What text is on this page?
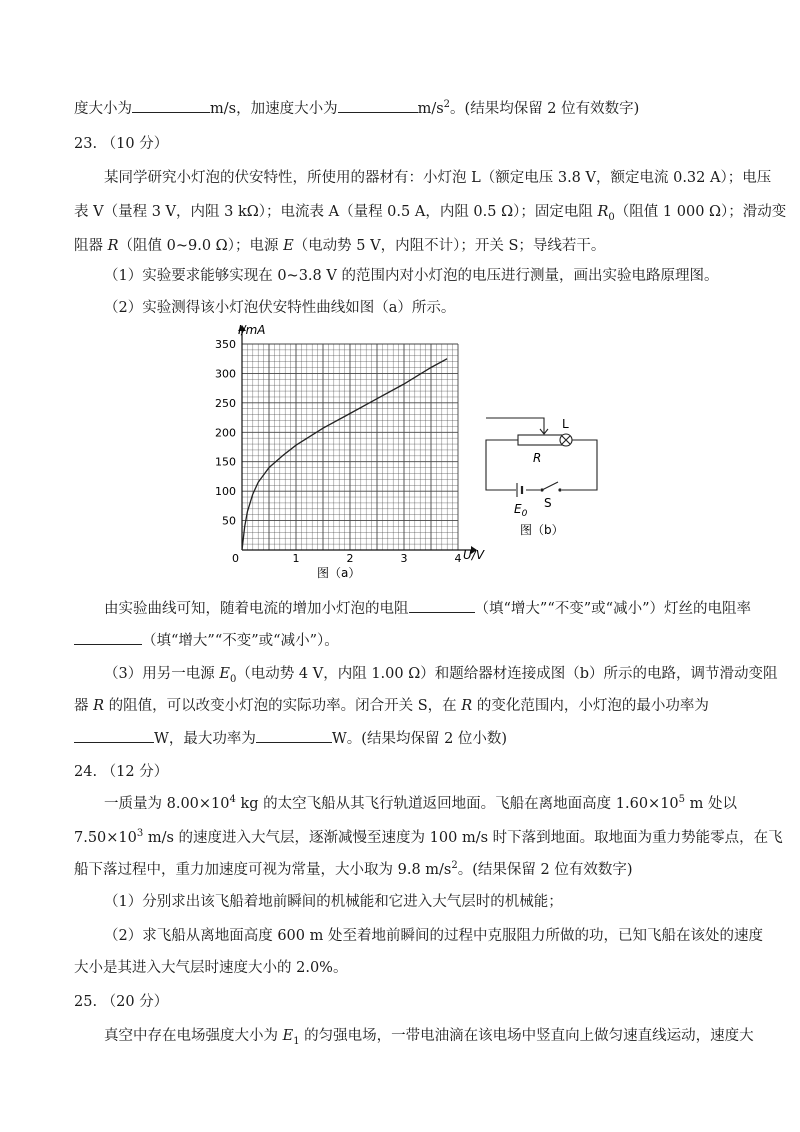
度大小为	m/s，加速度大小为	$m/s^2$。(结果均保留 2 位有效数字)
23. （10 分）
某同学研究小灯泡的伏安特性，所使用的器材有：小灯泡 L（额定电压 3.8 V，额定电流 0.32 A）；电压
表 V（量程 3 V，内阻 3 kΩ）；电流表 A（量程 0.5 A，内阻 0.5 Ω）；固定电阻 $R_0$（阻值 1 000 Ω）；滑动变
阻器 R（阻值 0~9.0 Ω）；电源 E（电动势 5 V，内阻不计）；开关 S；导线若干。
（1）实验要求能够实现在 0~3.8 V 的范围内对小灯泡的电压进行测量，画出实验电路原理图。
（2）实验测得该小灯泡伏安特性曲线如图（a）所示。
50
100
150
200
250
300
350
0	1	2	3	4
I/mA
U/V
图（a）
L
R
$E_0$
S
图（b）
由实验曲线可知，随着电流的增加小灯泡的电阻	（填“增大”“不变”或“减小”）灯丝的电阻率
（填“增大”“不变”或“减小”）。
（3）用另一电源 $E_0$（电动势 4 V，内阻 1.00 Ω）和题给器材连接成图（b）所示的电路，调节滑动变阻
器 R 的阻值，可以改变小灯泡的实际功率。闭合开关 S，在 R 的变化范围内，小灯泡的最小功率为
W，最大功率为	W。(结果均保留 2 位小数)
24. （12 分）
一质量为 $8.00\times 10^4$ kg 的太空飞船从其飞行轨道返回地面。飞船在离地面高度 $1.60\times 10^5$ m 处以
$7.50\times 10^3$ m/s 的速度进入大气层，逐渐减慢至速度为 100 m/s 时下落到地面。取地面为重力势能零点，在飞
船下落过程中，重力加速度可视为常量，大小取为 9.8 $m/s^2$。(结果保留 2 位有效数字)
（1）分别求出该飞船着地前瞬间的机械能和它进入大气层时的机械能；
（2）求飞船从离地面高度 600 m 处至着地前瞬间的过程中克服阻力所做的功，已知飞船在该处的速度
大小是其进入大气层时速度大小的 2.0%。
25. （20 分）
真空中存在电场强度大小为 $E_1$ 的匀强电场，一带电油滴在该电场中竖直向上做匀速直线运动，速度大
